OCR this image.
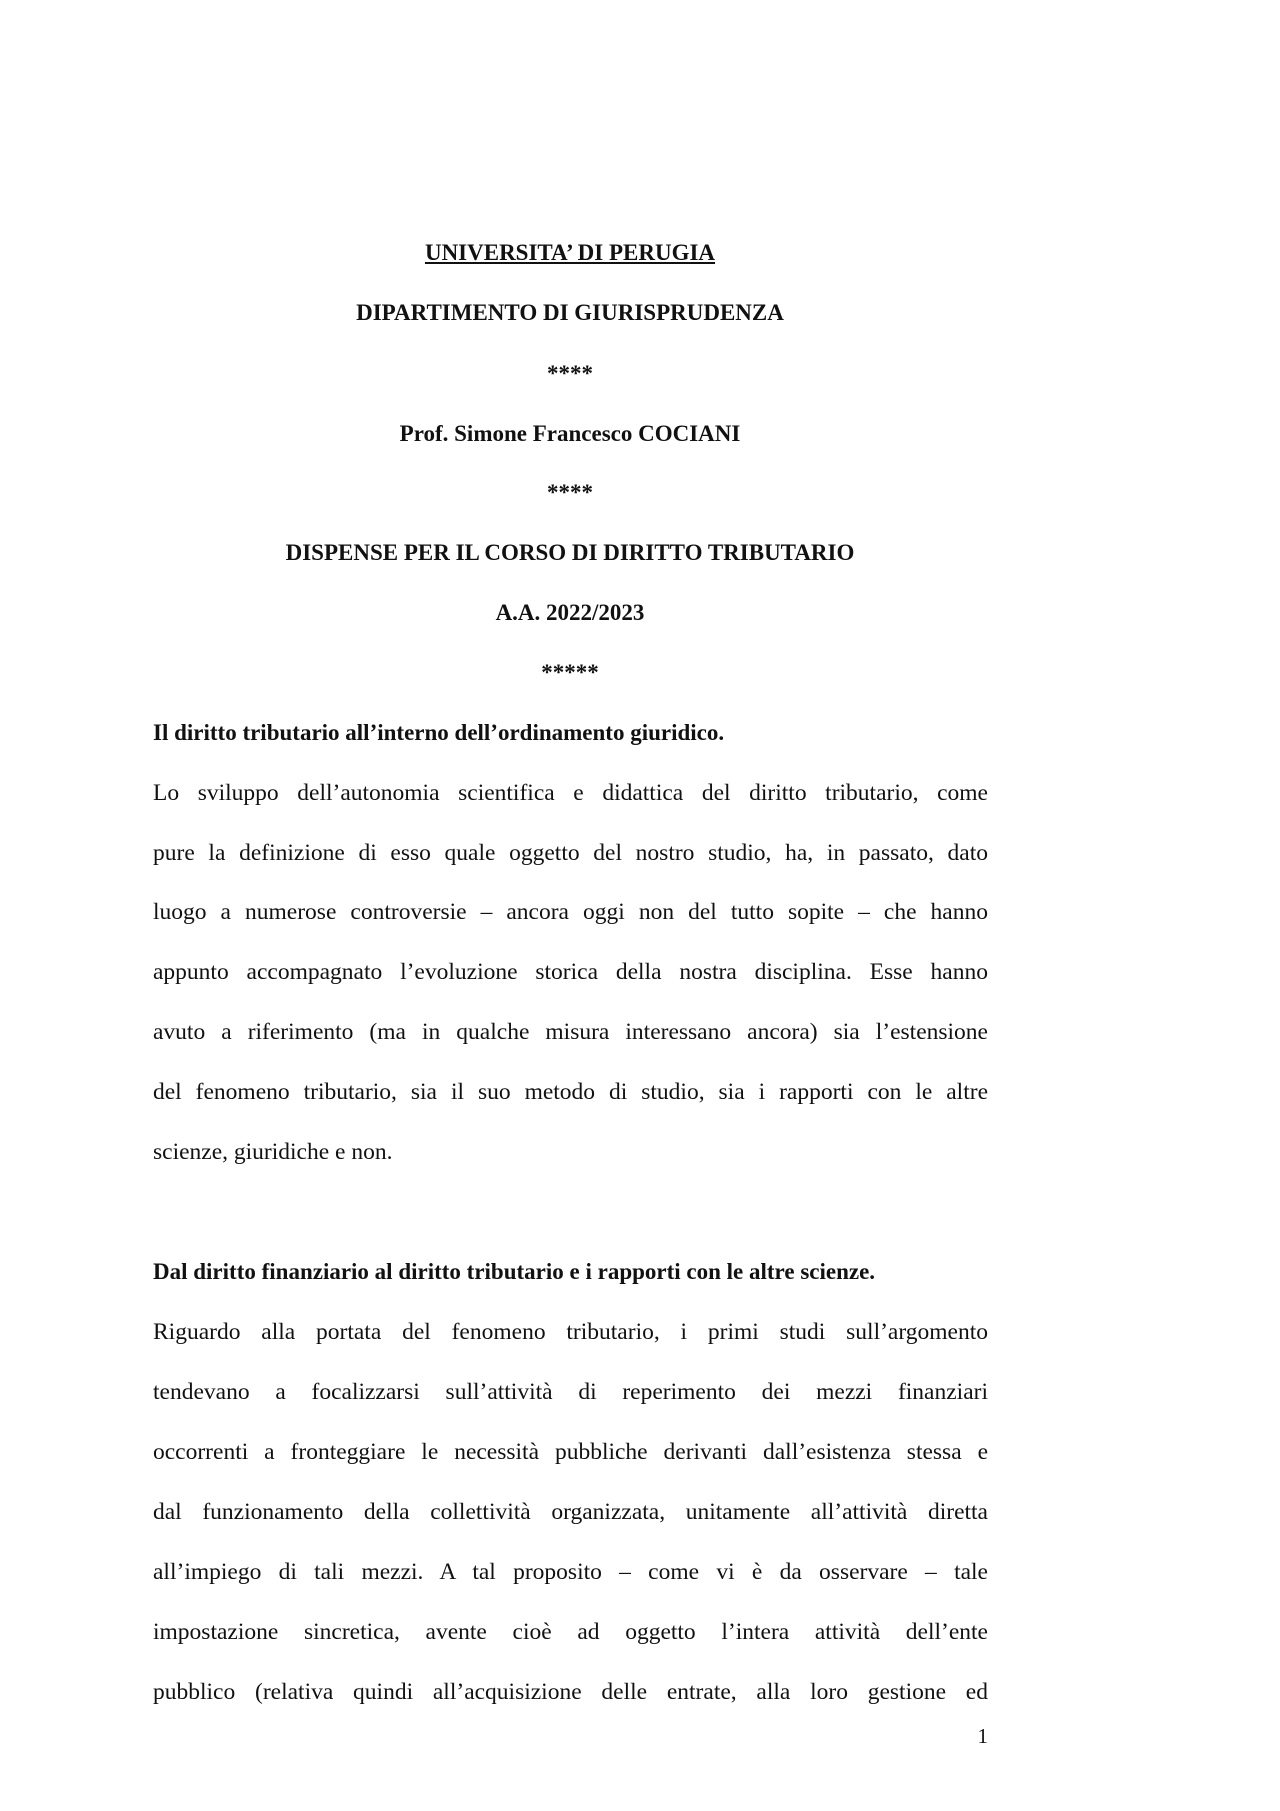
UNIVERSITA’ DI PERUGIA
DIPARTIMENTO DI GIURISPRUDENZA
****
Prof. Simone Francesco COCIANI
****
DISPENSE PER IL CORSO DI DIRITTO TRIBUTARIO
A.A. 2022/2023
*****
Il diritto tributario all’interno dell’ordinamento giuridico.
Lo sviluppo dell’autonomia scientifica e didattica del diritto tributario, come
pure la definizione di esso quale oggetto del nostro studio, ha, in passato, dato
luogo a numerose controversie – ancora oggi non del tutto sopite – che hanno
appunto accompagnato l’evoluzione storica della nostra disciplina. Esse hanno
avuto a riferimento (ma in qualche misura interessano ancora) sia l’estensione
del fenomeno tributario, sia il suo metodo di studio, sia i rapporti con le altre
scienze, giuridiche e non.
Dal diritto finanziario al diritto tributario e i rapporti con le altre scienze.
Riguardo alla portata del fenomeno tributario, i primi studi sull’argomento
tendevano a focalizzarsi sull’attività di reperimento dei mezzi finanziari
occorrenti a fronteggiare le necessità pubbliche derivanti dall’esistenza stessa e
dal funzionamento della collettività organizzata, unitamente all’attività diretta
all’impiego di tali mezzi. A tal proposito – come vi è da osservare – tale
impostazione sincretica, avente cioè ad oggetto l’intera attività dell’ente
pubblico (relativa quindi all’acquisizione delle entrate, alla loro gestione ed
1
